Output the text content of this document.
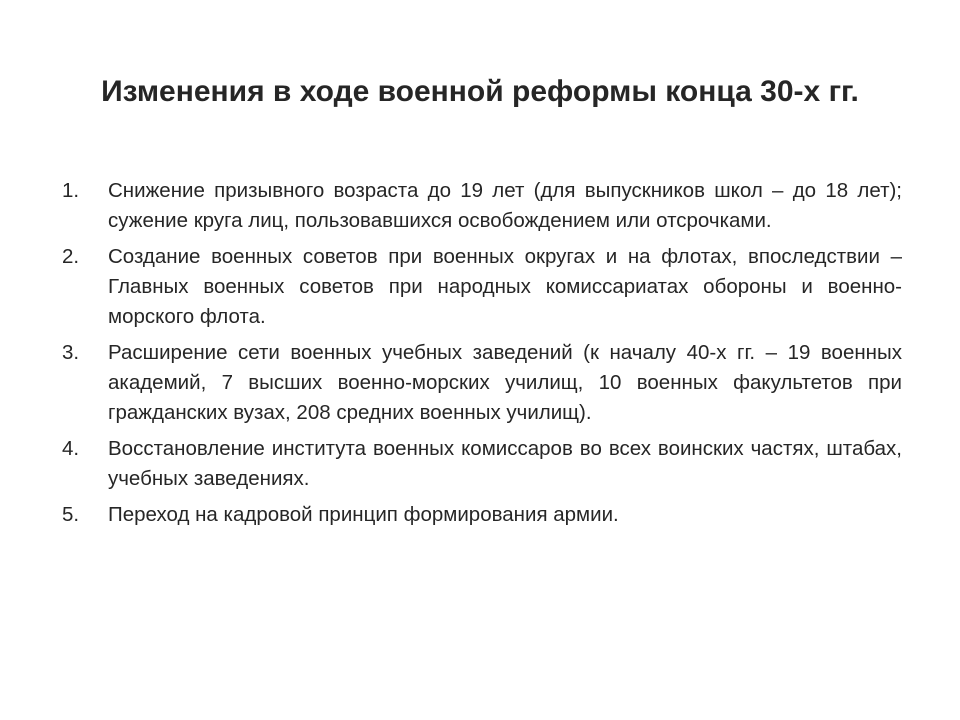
Изменения в ходе военной реформы конца 30-х гг.
1.	Снижение призывного возраста до 19 лет (для выпускников школ – до 18 лет); сужение круга лиц, пользовавшихся освобождением или отсрочками.
2.	Создание военных советов при военных округах и на флотах, впоследствии – Главных военных советов при народных комиссариатах обороны и военно-морского флота.
3.	Расширение сети военных учебных заведений (к началу 40-х гг. – 19 военных академий, 7 высших военно-морских училищ, 10 военных факультетов при гражданских вузах, 208 средних военных училищ).
4.	Восстановление института военных комиссаров во всех воинских частях, штабах, учебных заведениях.
5.	Переход на кадровой принцип формирования армии.
